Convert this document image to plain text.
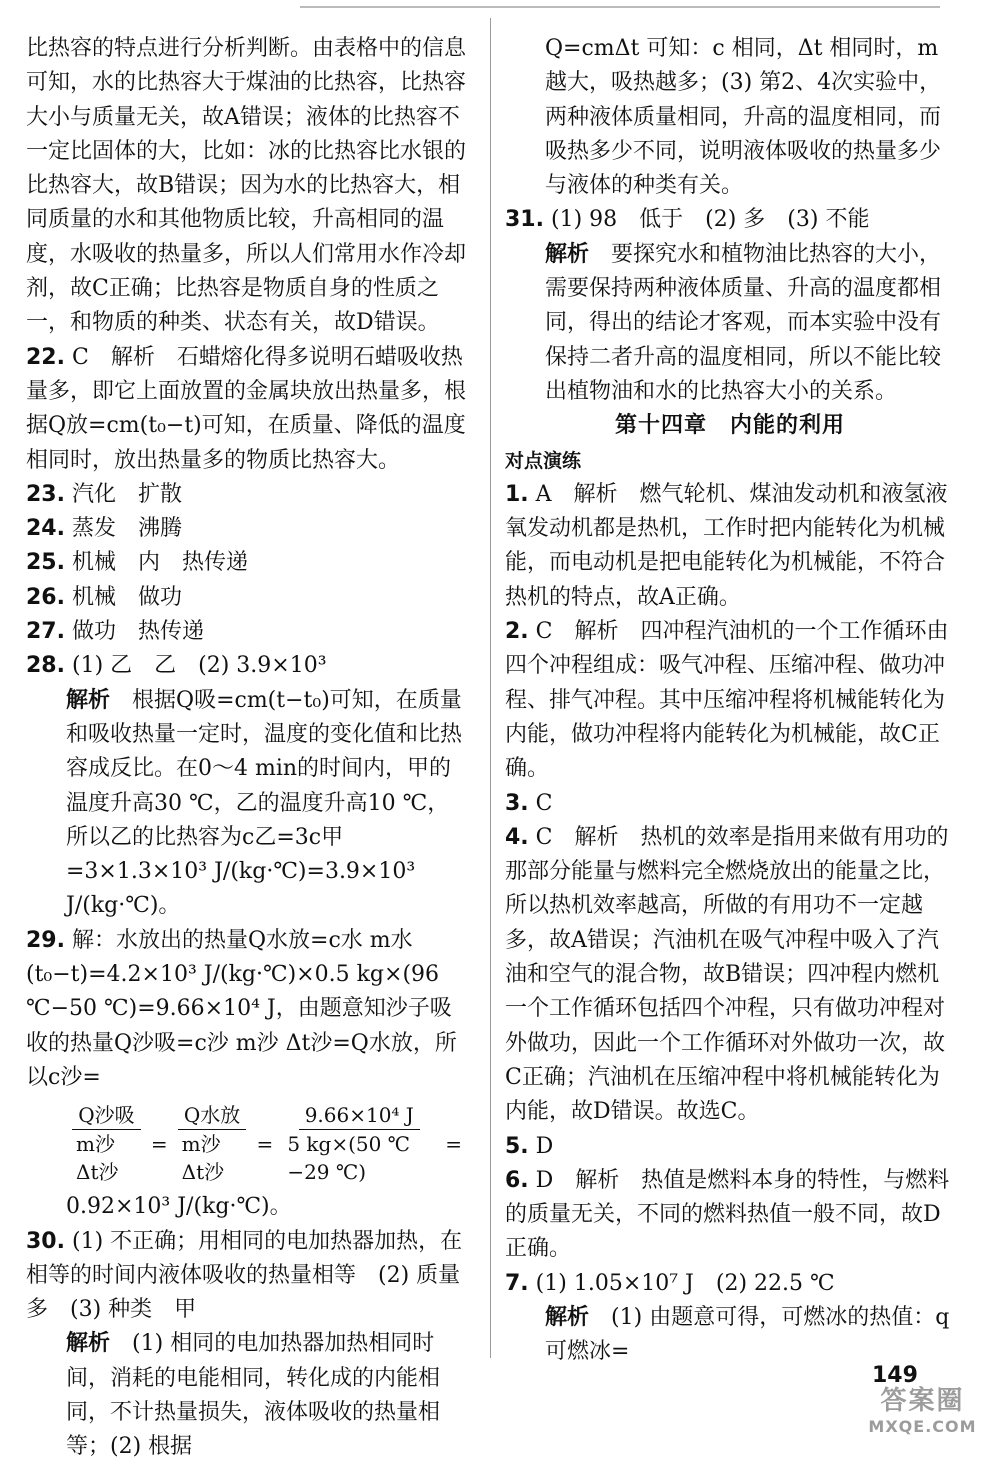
比热容的特点进行分析判断。由表格中的信息可知，水的比热容大于煤油的比热容，比热容大小与质量无关，故A错误；液体的比热容不一定比固体的大，比如：冰的比热容比水银的比热容大，故B错误；因为水的比热容大，相同质量的水和其他物质比较，升高相同的温度，水吸收的热量多，所以人们常用水作冷却剂，故C正确；比热容是物质自身的性质之一，和物质的种类、状态有关，故D错误。

22. C　解析　石蜡熔化得多说明石蜡吸收热量多，即它上面放置的金属块放出热量多，根据Q放=cm(t₀−t)可知，在质量、降低的温度相同时，放出热量多的物质比热容大。

23. 汽化　扩散

24. 蒸发　沸腾

25. 机械　内　热传递

26. 机械　做功

27. 做功　热传递

28. (1) 乙　乙　(2) 3.9×10³

解析　 根据Q吸=cm(t−t₀)可知，在质量和吸收热量一定时，温度的变化值和比热容成反比。在0～4 min的时间内，甲的温度升高30 ℃，乙的温度升高10 ℃，所以乙的比热容为c乙=3c甲=3×1.3×10³ J/(kg·℃)=3.9×10³ J/(kg·℃)。

29. 解：水放出的热量Q水放=c水 m水(t₀−t)=4.2×10³ J/(kg·℃)×0.5 kg×(96 ℃−50 ℃)=9.66×10⁴ J，由题意知沙子吸收的热量Q沙吸=c沙 m沙 Δt沙=Q水放，所以c沙=

Q沙吸
m沙 Δt沙
=
Q水放
m沙 Δt沙
= $\frac{\text{9.66×10⁴ J}}{5 kg\times(50 ℃-29 ℃)}$ =

0.92×10³ J/(kg·℃)。

30. (1) 不正确；用相同的电加热器加热，在相等的时间内液体吸收的热量相等　(2) 质量　多　(3) 种类　甲

解析　 (1) 相同的电加热器加热相同时间，消耗的电能相同，转化成的内能相同，不计热量损失，液体吸收的热量相等；(2) 根据

Q=cmΔt 可知：c 相同，Δt 相同时，m 越大，吸热越多；(3) 第2、4次实验中，两种液体质量相同，升高的温度相同，而吸热多少不同，说明液体吸收的热量多少与液体的种类有关。

31. (1) 98　低于　(2) 多　(3) 不能

解析　 要探究水和植物油比热容的大小，需要保持两种液体质量、升高的温度都相同，得出的结论才客观，而本实验中没有保持二者升高的温度相同，所以不能比较出植物油和水的比热容大小的关系。

第十四章　内能的利用

对点演练

1. A　解析　燃气轮机、煤油发动机和液氢液氧发动机都是热机，工作时把内能转化为机械能，而电动机是把电能转化为机械能，不符合热机的特点，故A正确。

2. C　解析　四冲程汽油机的一个工作循环由四个冲程组成：吸气冲程、压缩冲程、做功冲程、排气冲程。其中压缩冲程将机械能转化为内能，做功冲程将内能转化为机械能，故C正确。

3. C

4. C　解析　热机的效率是指用来做有用功的那部分能量与燃料完全燃烧放出的能量之比，所以热机效率越高，所做的有用功不一定越多，故A错误；汽油机在吸气冲程中吸入了汽油和空气的混合物，故B错误；四冲程内燃机一个工作循环包括四个冲程，只有做功冲程对外做功，因此一个工作循环对外做功一次，故C正确；汽油机在压缩冲程中将机械能转化为内能，故D错误。故选C。

5. D

6. D　解析　热值是燃料本身的特性，与燃料的质量无关，不同的燃料热值一般不同，故D正确。

7. (1) 1.05×10⁷ J　(2) 22.5 ℃

解析　 (1) 由题意可得，可燃冰的热值：q可燃冰=

149
答案圈
MXQE.COM
